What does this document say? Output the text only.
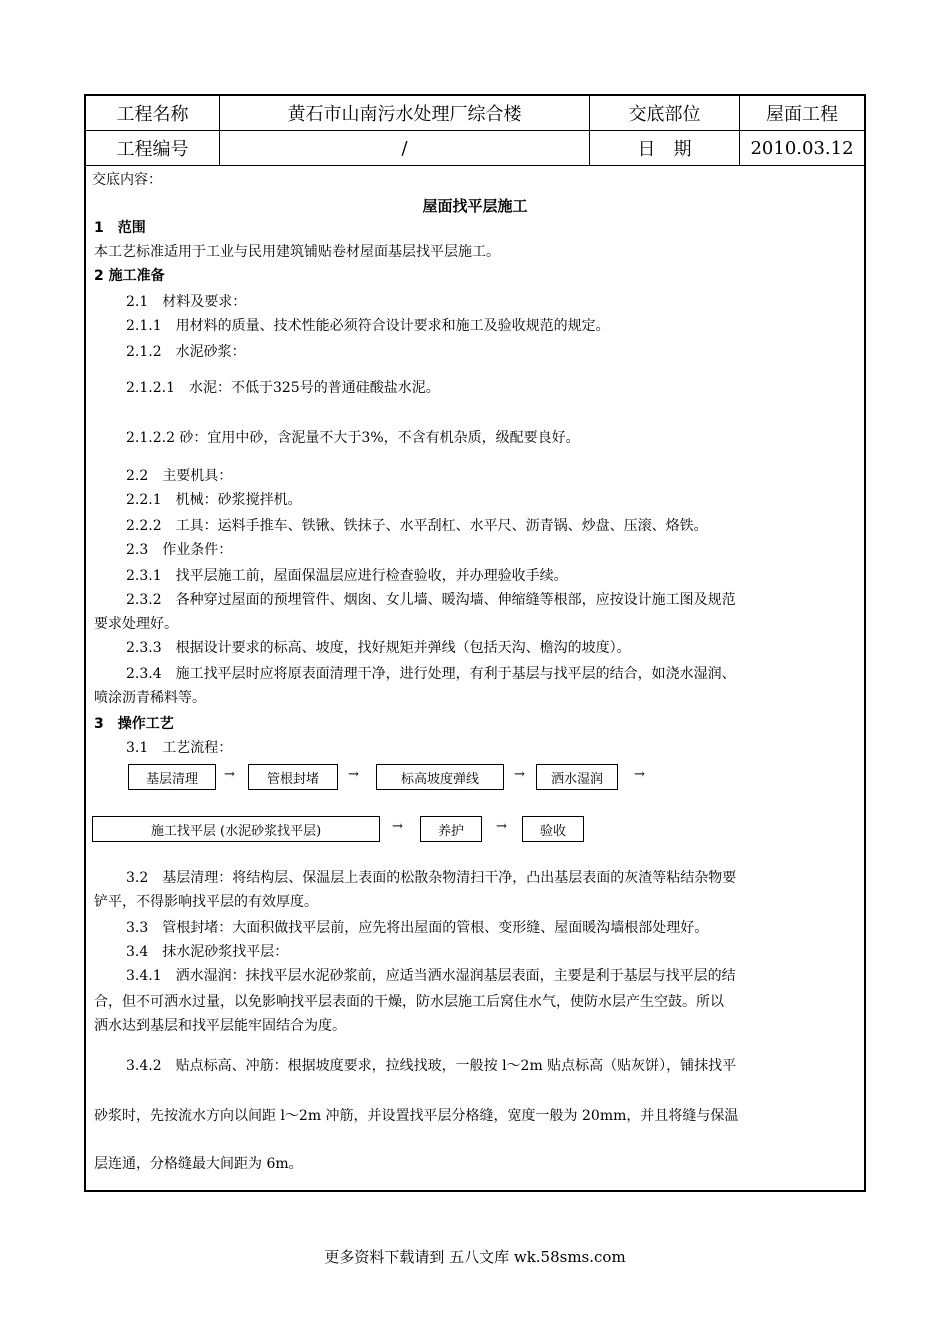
工程名称	黄石市山南污水处理厂综合楼	交底部位	屋面工程
工程编号	/	日　期	2010.03.12
交底内容：
屋面找平层施工
1　范围
本工艺标准适用于工业与民用建筑铺贴卷材屋面基层找平层施工。
2 施工准备
2.1　材料及要求：
2.1.1　用材料的质量、技术性能必须符合设计要求和施工及验收规范的规定。
2.1.2　水泥砂浆：
2.1.2.1　水泥：不低于325号的普通硅酸盐水泥。
2.1.2.2 砂：宜用中砂，含泥量不大于3%，不含有机杂质，级配要良好。
2.2　主要机具：
2.2.1　机械：砂浆搅拌机。
2.2.2　工具：运料手推车、铁锹、铁抹子、水平刮杠、水平尺、沥青锅、炒盘、压滚、烙铁。
2.3　作业条件：
2.3.1　找平层施工前，屋面保温层应进行检查验收，并办理验收手续。
2.3.2　各种穿过屋面的预埋管件、烟囱、女儿墙、暖沟墙、伸缩缝等根部，应按设计施工图及规范
要求处理好。
2.3.3　根据设计要求的标高、坡度，找好规矩并弹线（包括天沟、檐沟的坡度）。
2.3.4　施工找平层时应将原表面清理干净，进行处理，有利于基层与找平层的结合，如浇水湿润、
喷涂沥青稀料等。
3　操作工艺
3.1　工艺流程：
基层清理	→	管根封堵	→	标高坡度弹线	→	洒水湿润	→
施工找平层 (水泥砂浆找平层)	→	养护	→	验收
3.2　基层清理：将结构层、保温层上表面的松散杂物清扫干净，凸出基层表面的灰渣等粘结杂物要
铲平，不得影响找平层的有效厚度。
3.3　管根封堵：大面积做找平层前，应先将出屋面的管根、变形缝、屋面暖沟墙根部处理好。
3.4　抹水泥砂浆找平层：
3.4.1　洒水湿润：抹找平层水泥砂浆前，应适当洒水湿润基层表面，主要是利于基层与找平层的结
合，但不可洒水过量，以免影响找平层表面的干燥，防水层施工后窝住水气，使防水层产生空鼓。所以
洒水达到基层和找平层能牢固结合为度。
3.4.2　贴点标高、冲筋：根据坡度要求，拉线找玻，一般按 l～2m 贴点标高（贴灰饼），铺抹找平
砂浆时，先按流水方向以间距 l～2m 冲筋，并设置找平层分格缝，宽度一般为 20mm，并且将缝与保温
层连通，分格缝最大间距为 6m。
更多资料下载请到 五八文库 wk.58sms.com
